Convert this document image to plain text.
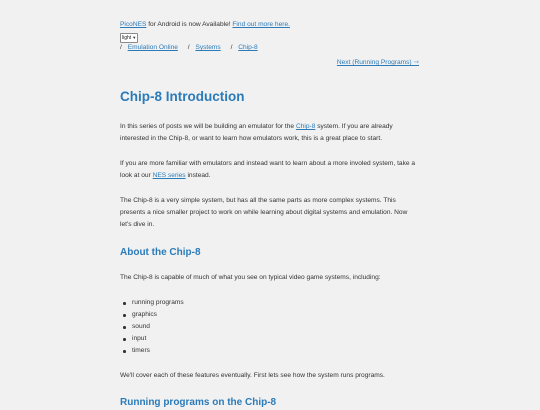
PicoNES for Android is now Available! Find out more here.
light ▼
/ Emulation Online / Systems / Chip-8
Next (Running Programs) ⇾
Chip-8 Introduction

In this series of posts we will be building an emulator for the Chip-8 system. If you are already interested in the Chip-8, or want to learn how emulators work, this is a great place to start.

If you are more familiar with emulators and instead want to learn about a more involed system, take a look at our NES series instead.

The Chip-8 is a very simple system, but has all the same parts as more complex systems. This presents a nice smaller project to work on while learning about digital systems and emulation. Now let's dive in.

About the Chip-8

The Chip-8 is capable of much of what you see on typical video game systems, including:

running programs
graphics
sound
input
timers

We'll cover each of these features eventually. First lets see how the system runs programs.

Running programs on the Chip-8
